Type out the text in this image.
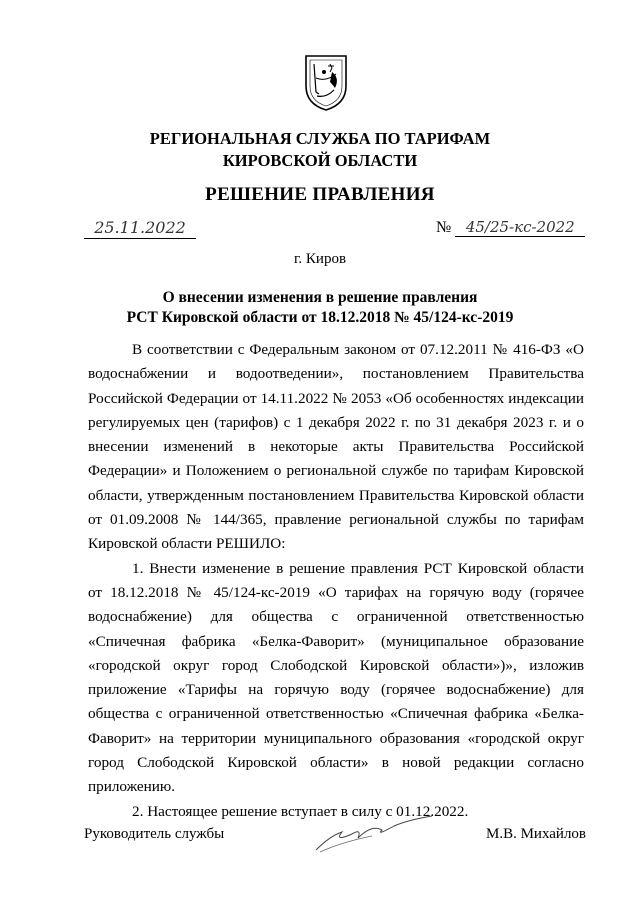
РЕГИОНАЛЬНАЯ СЛУЖБА ПО ТАРИФАМ
КИРОВСКОЙ ОБЛАСТИ
РЕШЕНИЕ ПРАВЛЕНИЯ
25.11.2022	№ 45/25-кс-2022
г. Киров
О внесении изменения в решение правления
РСТ Кировской области от 18.12.2018 № 45/124-кс-2019

В соответствии с Федеральным законом от 07.12.2011 № 416-ФЗ «О водоснабжении и водоотведении», постановлением Правительства Российской Федерации от 14.11.2022 № 2053 «Об особенностях индексации регулируемых цен (тарифов) с 1 декабря 2022 г. по 31 декабря 2023 г. и о внесении изменений в некоторые акты Правительства Российской Федерации» и Положением о региональной службе по тарифам Кировской области, утвержденным постановлением Правительства Кировской области от 01.09.2008 № 144/365, правление региональной службы по тарифам Кировской области РЕШИЛО:

1. Внести изменение в решение правления РСТ Кировской области от 18.12.2018 № 45/124-кс-2019 «О тарифах на горячую воду (горячее водоснабжение) для общества с ограниченной ответственностью «Спичечная фабрика «Белка-Фаворит» (муниципальное образование «городской округ город Слободской Кировской области»)», изложив приложение «Тарифы на горячую воду (горячее водоснабжение) для общества с ограниченной ответственностью «Спичечная фабрика «Белка-Фаворит» на территории муниципального образования «городской округ город Слободской Кировской области» в новой редакции согласно приложению.

2. Настоящее решение вступает в силу с 01.12.2022.

Руководитель службы	М.В. Михайлов
